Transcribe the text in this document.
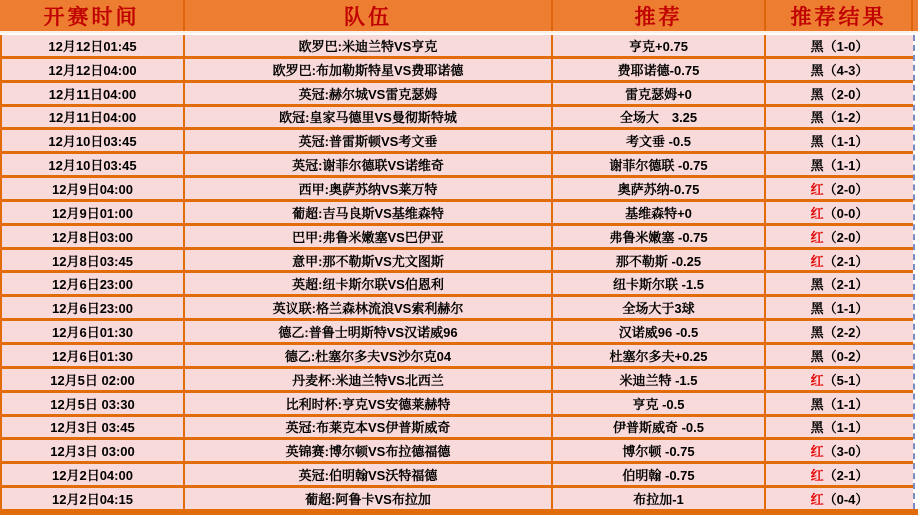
开赛时间	队伍	推荐	推荐结果
12月12日01:45	欧罗巴:米迪兰特VS亨克	亨克+0.75	黑 （1-0）
12月12日04:00	欧罗巴:布加勒斯特星VS费耶诺德	费耶诺德-0.75	黑 （4-3）
12月11日04:00	英冠:赫尔城VS雷克瑟姆	雷克瑟姆+0	黑 （2-0）
12月11日04:00	欧冠:皇家马德里VS曼彻斯特城	全场大　3.25	黑 （1-2）
12月10日03:45	英冠:普雷斯顿VS考文垂	考文垂 -0.5	黑 （1-1）
12月10日03:45	英冠:谢菲尔德联VS诺维奇	谢菲尔德联 -0.75	黑 （1-1）
12月9日04:00	西甲:奥萨苏纳VS莱万特	奥萨苏纳-0.75	红 （2-0）
12月9日01:00	葡超:吉马良斯VS基维森特	基维森特+0	红 （0-0）
12月8日03:00	巴甲:弗鲁米嫩塞VS巴伊亚	弗鲁米嫩塞 -0.75	红 （2-0）
12月8日03:45	意甲:那不勒斯VS尤文图斯	那不勒斯 -0.25	红 （2-1）
12月6日23:00	英超:纽卡斯尔联VS伯恩利	纽卡斯尔联 -1.5	黑 （2-1）
12月6日23:00	英议联:格兰森林流浪VS索利赫尔	全场大于3球	黑 （1-1）
12月6日01:30	德乙:普鲁士明斯特VS汉诺威96	汉诺威96 -0.5	黑 （2-2）
12月6日01:30	德乙:杜塞尔多夫VS沙尔克04	杜塞尔多夫+0.25	黑 （0-2）
12月5日 02:00	丹麦杯:米迪兰特VS北西兰	米迪兰特 -1.5	红 （5-1）
12月5日 03:30	比利时杯:亨克VS安德莱赫特	亨克 -0.5	黑 （1-1）
12月3日 03:45	英冠:布莱克本VS伊普斯威奇	伊普斯威奇 -0.5	黑 （1-1）
12月3日 03:00	英锦赛:博尔顿VS布拉德福德	博尔顿 -0.75	红 （3-0）
12月2日04:00	英冠:伯明翰VS沃特福德	伯明翰 -0.75	红 （2-1）
12月2日04:15	葡超:阿鲁卡VS布拉加	布拉加-1	红 （0-4）
